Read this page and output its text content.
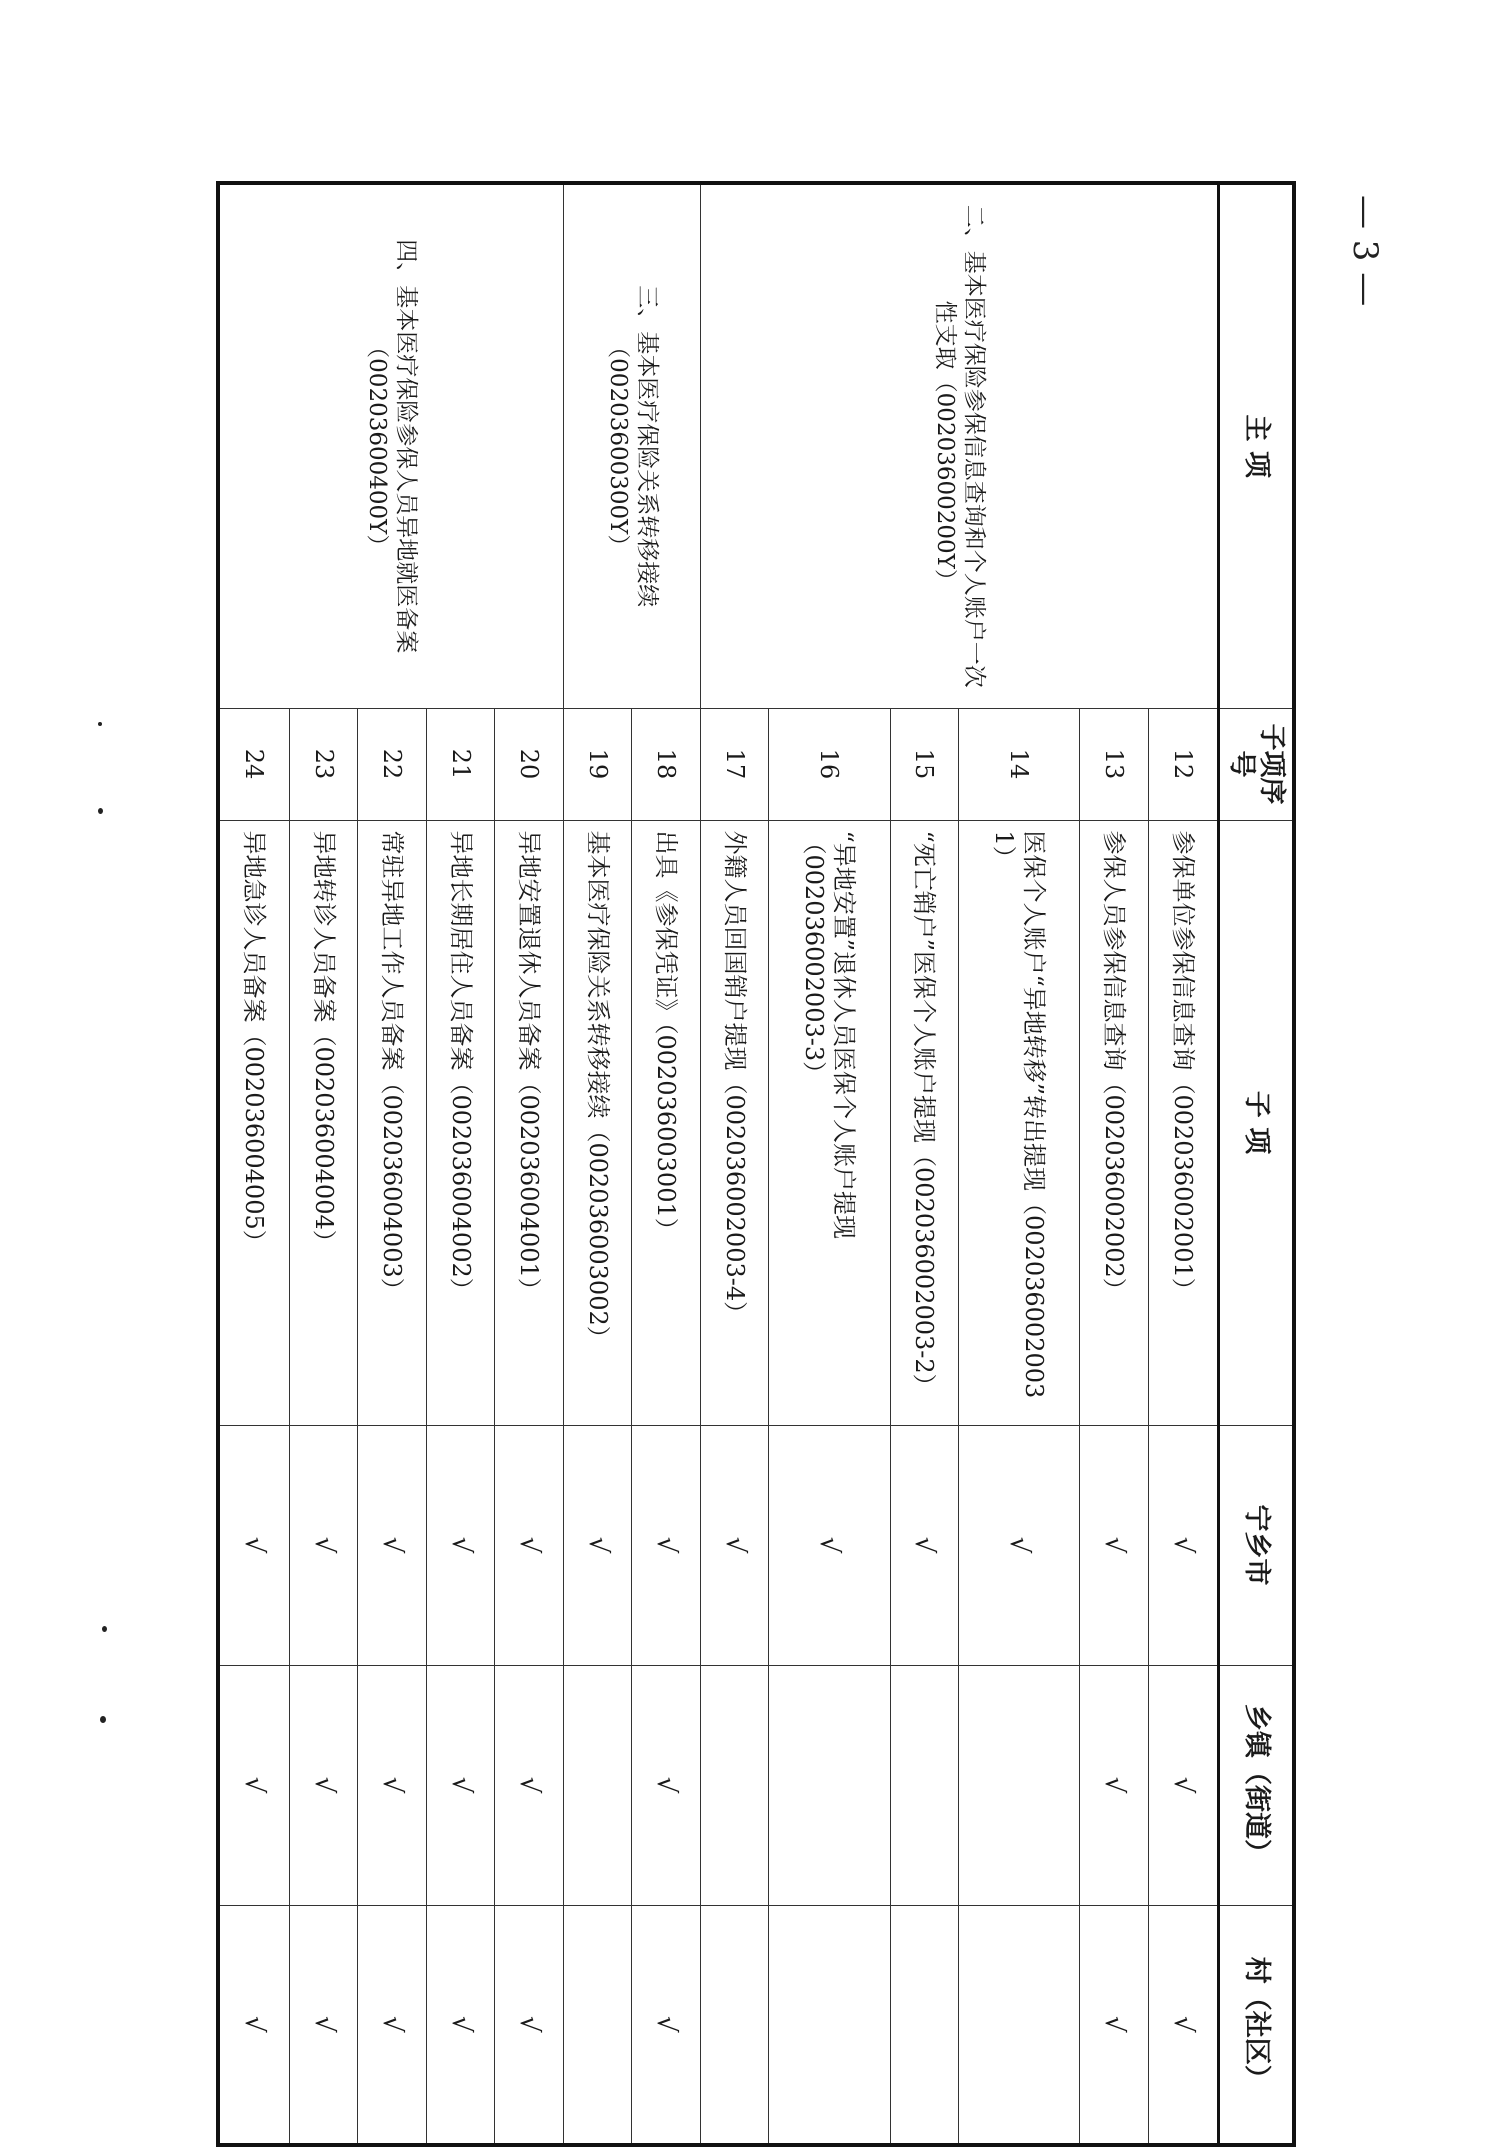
主 项	子项序号	子 项	宁乡市	乡镇（街道）	村（社区）
二、基本医疗保险参保信息查询和个人账户一次性支取（00203600200Y）	12	参保单位参保信息查询（002036002001）	√	√	√
	13	参保人员参保信息查询（002036002002）	√	√	√
	14	医保个人账户“异地转移”转出提现（002036002003 1）	√		
	15	“死亡销户”医保个人账户提现（002036002003-2）	√		
	16	“异地安置”退休人员医保个人账户提现（002036002003-3）	√		
	17	外籍人员回国销户提现（002036002003-4）	√		
三、基本医疗保险关系转移接续（00203600300Y）	18	出具《参保凭证》（002036003001）	√	√	√
	19	基本医疗保险关系转移接续（002036003002）	√		
四、基本医疗保险参保人员异地就医备案（00203600400Y）	20	异地安置退休人员备案（002036004001）	√	√	√
	21	异地长期居住人员备案（002036004002）	√	√	√
	22	常驻异地工作人员备案（002036004003）	√	√	√
	23	异地转诊人员备案（002036004004）	√	√	√
	24	异地急诊人员备案（002036004005）	√	√	√
— 3 —
